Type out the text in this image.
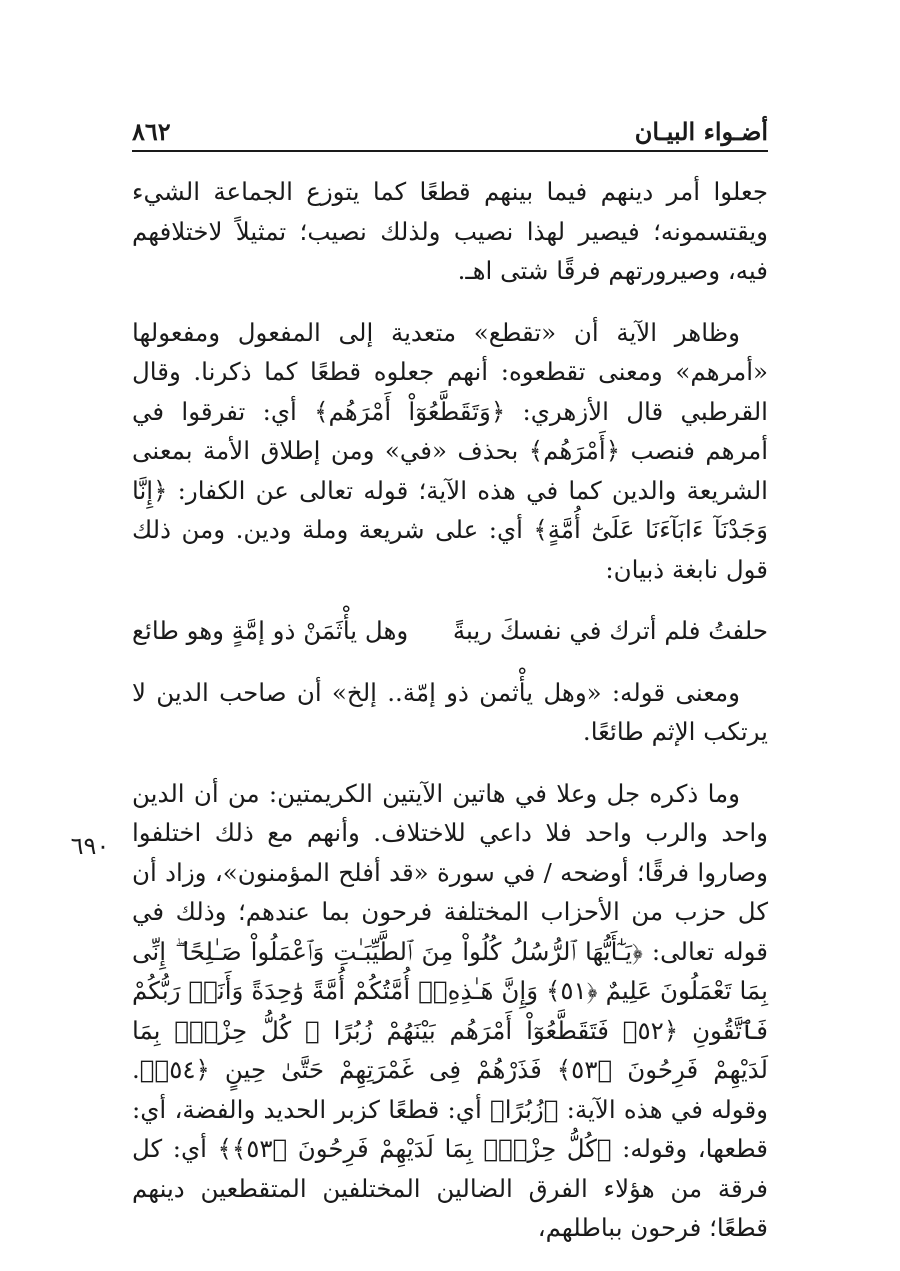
أضـواء البيـان
٨٦٢
٦٩٠

جعلوا أمر دينهم فيما بينهم قطعًا كما يتوزع الجماعة الشيء ويقتسمونه؛ فيصير لهذا نصيب ولذلك نصيب؛ تمثيلاً لاختلافهم فيه، وصيرورتهم فرقًا شتى اهـ.

وظاهر الآية أن «تقطع» متعدية إلى المفعول ومفعولها «أمرهم» ومعنى تقطعوه: أنهم جعلوه قطعًا كما ذكرنا. وقال القرطبي قال الأزهري: ﴿وَتَقَطَّعُوٓاْ أَمْرَهُم﴾ أي: تفرقوا في أمرهم فنصب ﴿أَمْرَهُم﴾ بحذف «في» ومن إطلاق الأمة بمعنى الشريعة والدين كما في هذه الآية؛ قوله تعالى عن الكفار: ﴿إِنَّا وَجَدْنَآ ءَابَآءَنَا عَلَىٰٓ أُمَّةٍ﴾ أي: على شريعة وملة ودين. ومن ذلك قول نابغة ذبيان:

حلفتُ فلم أترك في نفسكَ ريبةً
وهل يأْثَمَنْ ذو إمَّةٍ وهو طائع

ومعنى قوله: «وهل يأْثمن ذو إمّة.. إلخ» أن صاحب الدين لا يرتكب الإثم طائعًا.

وما ذكره جل وعلا في هاتين الآيتين الكريمتين: من أن الدين واحد والرب واحد فلا داعي للاختلاف. وأنهم مع ذلك اختلفوا وصاروا فرقًا؛ أوضحه / في سورة «قد أفلح المؤمنون»، وزاد أن كل حزب من الأحزاب المختلفة فرحون بما عندهم؛ وذلك في قوله تعالى: ﴿يَـٰٓأَيُّهَا ٱلرُّسُلُ كُلُواْ مِنَ ٱلطَّيِّبَـٰتِ وَٱعْمَلُواْ صَـٰلِحًا ۖ إِنِّى بِمَا تَعْمَلُونَ عَلِيمٌ ﴿٥١﴾ وَإِنَّ هَـٰذِهِۦٓ أُمَّتُكُمْ أُمَّةً وَٰحِدَةً وَأَنَا۠ رَبُّكُمْ فَٱتَّقُونِ ﴿٥٢﴾ فَتَقَطَّعُوٓاْ أَمْرَهُم بَيْنَهُمْ زُبُرًا ۖ كُلُّ حِزْبٍۭ بِمَا لَدَيْهِمْ فَرِحُونَ ﴿٥٣﴾ فَذَرْهُمْ فِى غَمْرَتِهِمْ حَتَّىٰ حِينٍ ﴿٥٤﴾﴾. وقوله في هذه الآية: ﴿زُبُرًا﴾ أي: قطعًا كزبر الحديد والفضة، أي: قطعها، وقوله: ﴿كُلُّ حِزْبٍۭ بِمَا لَدَيْهِمْ فَرِحُونَ ﴿٥٣﴾﴾ أي: كل فرقة من هؤلاء الفرق الضالين المختلفين المتقطعين دينهم قطعًا؛ فرحون بباطلهم،
